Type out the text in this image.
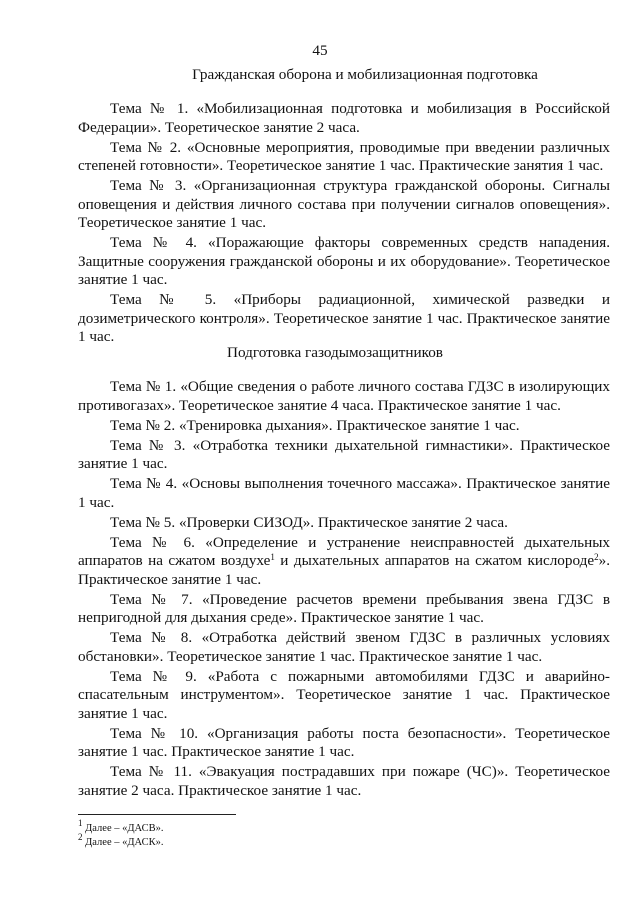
45
Гражданская оборона и мобилизационная подготовка

Тема № 1. «Мобилизационная подготовка и мобилизация в Российской Федерации». Теоретическое занятие 2 часа.

Тема № 2. «Основные мероприятия, проводимые при введении различных степеней готовности». Теоретическое занятие 1 час. Практические занятия 1 час.

Тема № 3. «Организационная структура гражданской обороны. Сигналы оповещения и действия личного состава при получении сигналов оповещения». Теоретическое занятие 1 час.

Тема № 4. «Поражающие факторы современных средств нападения. Защитные сооружения гражданской обороны и их оборудование». Теоретическое занятие 1 час.

Тема № 5. «Приборы радиационной, химической разведки и дозиметрического контроля». Теоретическое занятие 1 час. Практическое занятие 1 час.

Подготовка газодымозащитников

Тема № 1. «Общие сведения о работе личного состава ГДЗС в изолирующих противогазах». Теоретическое занятие 4 часа. Практическое занятие 1 час.

Тема № 2. «Тренировка дыхания». Практическое занятие 1 час.

Тема № 3. «Отработка техники дыхательной гимнастики». Практическое занятие 1 час.

Тема № 4. «Основы выполнения точечного массажа». Практическое занятие 1 час.

Тема № 5. «Проверки СИЗОД». Практическое занятие 2 часа.

Тема № 6. «Определение и устранение неисправностей дыхательных аппаратов на сжатом воздухе$^1$ и дыхательных аппаратов на сжатом кислороде$^2$». Практическое занятие 1 час.

Тема № 7. «Проведение расчетов времени пребывания звена ГДЗС в непригодной для дыхания среде». Практическое занятие 1 час.

Тема № 8. «Отработка действий звеном ГДЗС в различных условиях обстановки». Теоретическое занятие 1 час. Практическое занятие 1 час.

Тема № 9. «Работа с пожарными автомобилями ГДЗС и аварийно-спасательным инструментом». Теоретическое занятие 1 час. Практическое занятие 1 час.

Тема № 10. «Организация работы поста безопасности». Теоретическое занятие 1 час. Практическое занятие 1 час.

Тема № 11. «Эвакуация пострадавших при пожаре (ЧС)». Теоретическое занятие 2 часа. Практическое занятие 1 час.

$^1$ Далее – «ДАСВ».
$^2$ Далее – «ДАСК».
